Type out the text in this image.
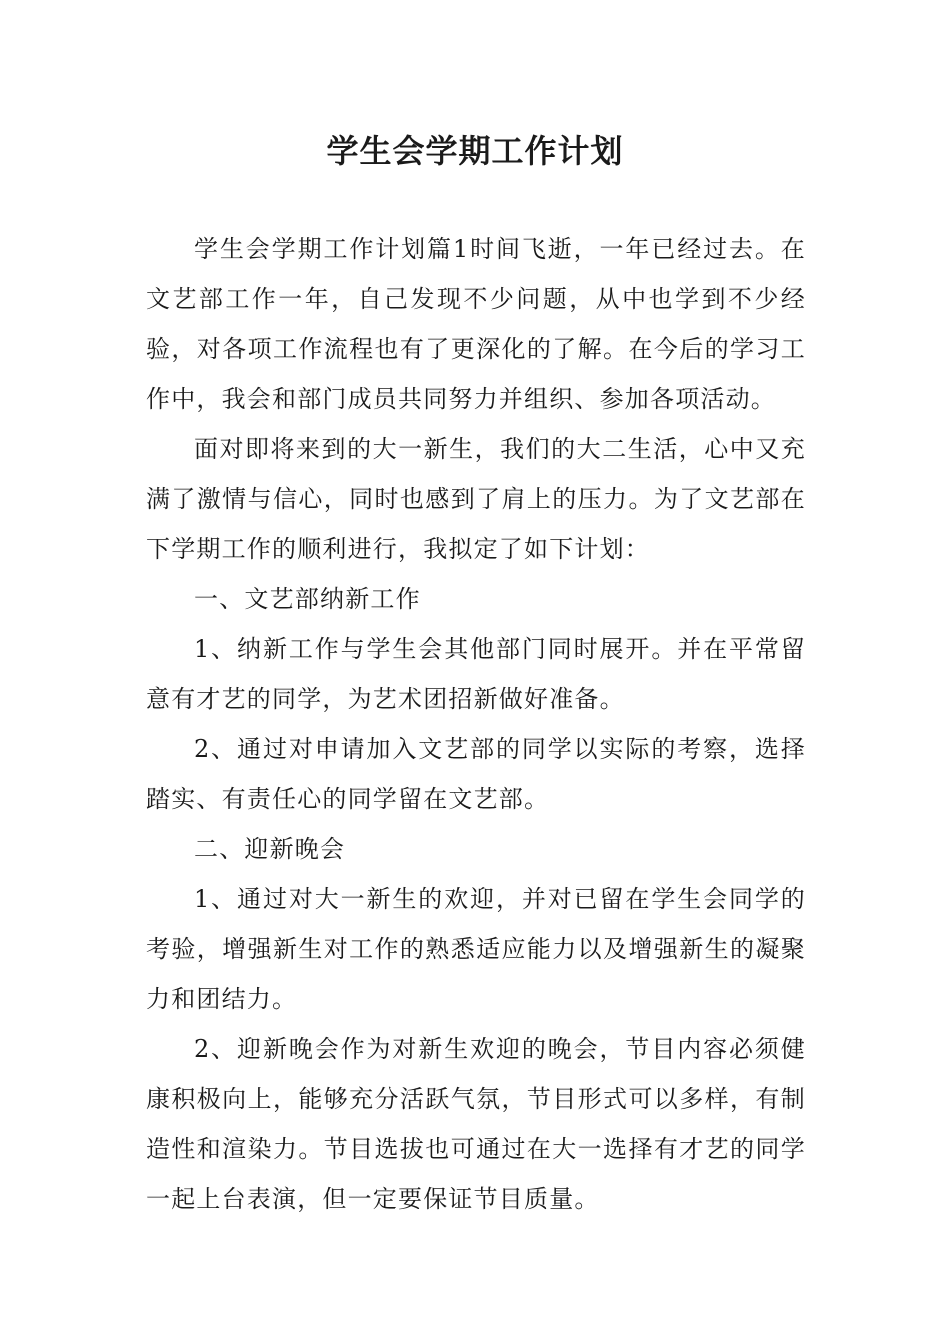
学生会学期工作计划

学生会学期工作计划篇1时间飞逝，一年已经过去。在文艺部工作一年，自己发现不少问题，从中也学到不少经验，对各项工作流程也有了更深化的了解。在今后的学习工作中，我会和部门成员共同努力并组织、参加各项活动。

面对即将来到的大一新生，我们的大二生活，心中又充满了激情与信心，同时也感到了肩上的压力。为了文艺部在下学期工作的顺利进行，我拟定了如下计划：

一、文艺部纳新工作

1、纳新工作与学生会其他部门同时展开。并在平常留意有才艺的同学，为艺术团招新做好准备。

2、通过对申请加入文艺部的同学以实际的考察，选择踏实、有责任心的同学留在文艺部。

二、迎新晚会

1、通过对大一新生的欢迎，并对已留在学生会同学的考验，增强新生对工作的熟悉适应能力以及增强新生的凝聚力和团结力。

2、迎新晚会作为对新生欢迎的晚会，节目内容必须健康积极向上，能够充分活跃气氛，节目形式可以多样，有制造性和渲染力。节目选拔也可通过在大一选择有才艺的同学一起上台表演，但一定要保证节目质量。
